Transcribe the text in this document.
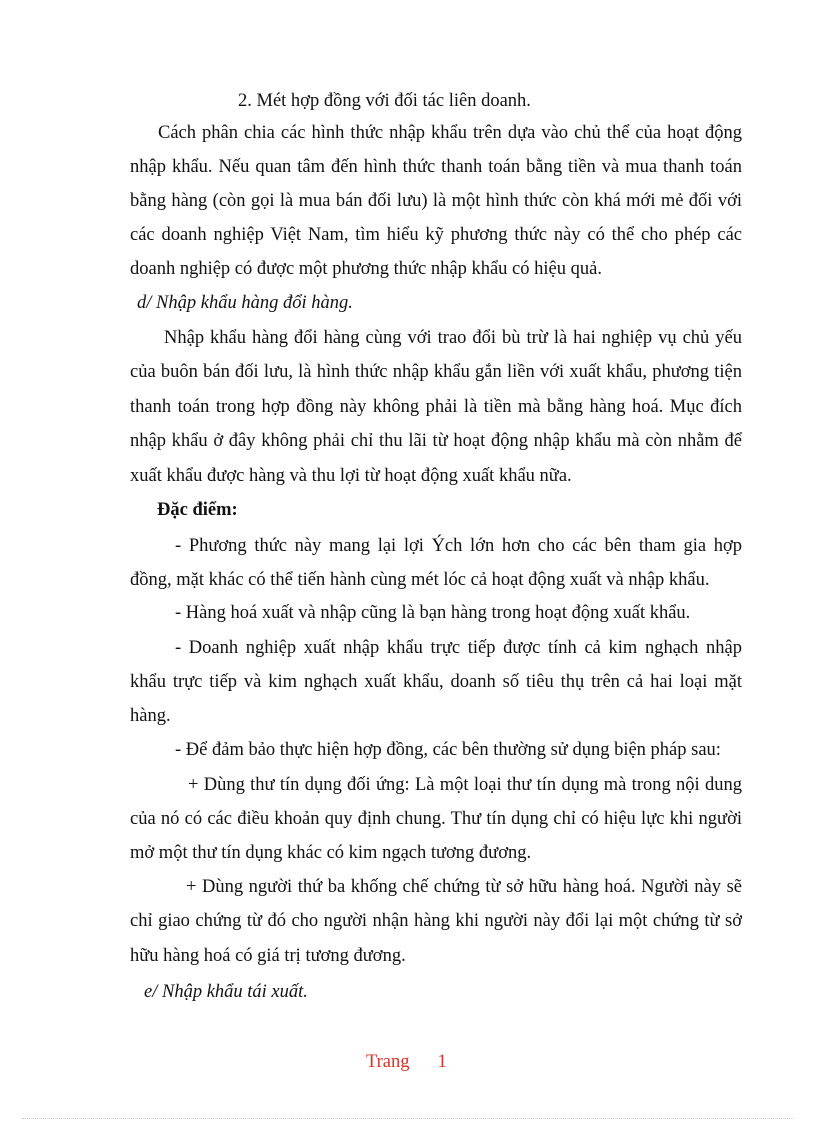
2. Mét hợp đồng với đối tác liên doanh.
Cách phân chia các hình thức nhập khẩu trên dựa vào chủ thể của hoạt động
nhập khẩu. Nếu quan tâm đến hình thức thanh toán bằng tiền và mua thanh toán
bằng hàng (còn gọi là mua bán đối lưu) là một hình thức còn khá mới mẻ đối với
các doanh nghiệp Việt Nam, tìm hiểu kỹ phương thức này có thể cho phép các
doanh nghiệp có được một phương thức nhập khẩu có hiệu quả.
d/ Nhập khẩu hàng đổi hàng.
Nhập khẩu hàng đổi hàng cùng với trao đổi bù trừ là hai nghiệp vụ chủ yếu
của buôn bán đối lưu, là hình thức nhập khẩu gắn liền với xuất khẩu, phương tiện
thanh toán trong hợp đồng này không phải là tiền mà bằng hàng hoá. Mục đích
nhập khẩu ở đây không phải chỉ thu lãi từ hoạt động nhập khẩu mà còn nhằm để
xuất khẩu được hàng và thu lợi từ hoạt động xuất khẩu nữa.
Đặc điểm:
- Phương thức này mang lại lợi Ých lớn hơn cho các bên tham gia hợp
đồng, mặt khác có thể tiến hành cùng mét lóc cả hoạt động xuất và nhập khẩu.
- Hàng hoá xuất và nhập cũng là bạn hàng trong hoạt động xuất khẩu.
- Doanh nghiệp xuất nhập khẩu trực tiếp được tính cả kim nghạch nhập
khẩu trực tiếp và kim nghạch xuất khẩu, doanh số tiêu thụ trên cả hai loại mặt
hàng.
- Để đảm bảo thực hiện hợp đồng, các bên thường sử dụng biện pháp sau:
+ Dùng thư tín dụng đối ứng: Là một loại thư tín dụng mà trong nội dung
của nó có các điều khoản quy định chung. Thư tín dụng chỉ có hiệu lực khi người
mở một thư tín dụng khác có kim ngạch tương đương.
+ Dùng người thứ ba khống chế chứng từ sở hữu hàng hoá. Người này sẽ
chỉ giao chứng từ đó cho người nhận hàng khi người này đổi lại một chứng từ sở
hữu hàng hoá có giá trị tương đương.
e/ Nhập khẩu tái xuất.
Trang 1
